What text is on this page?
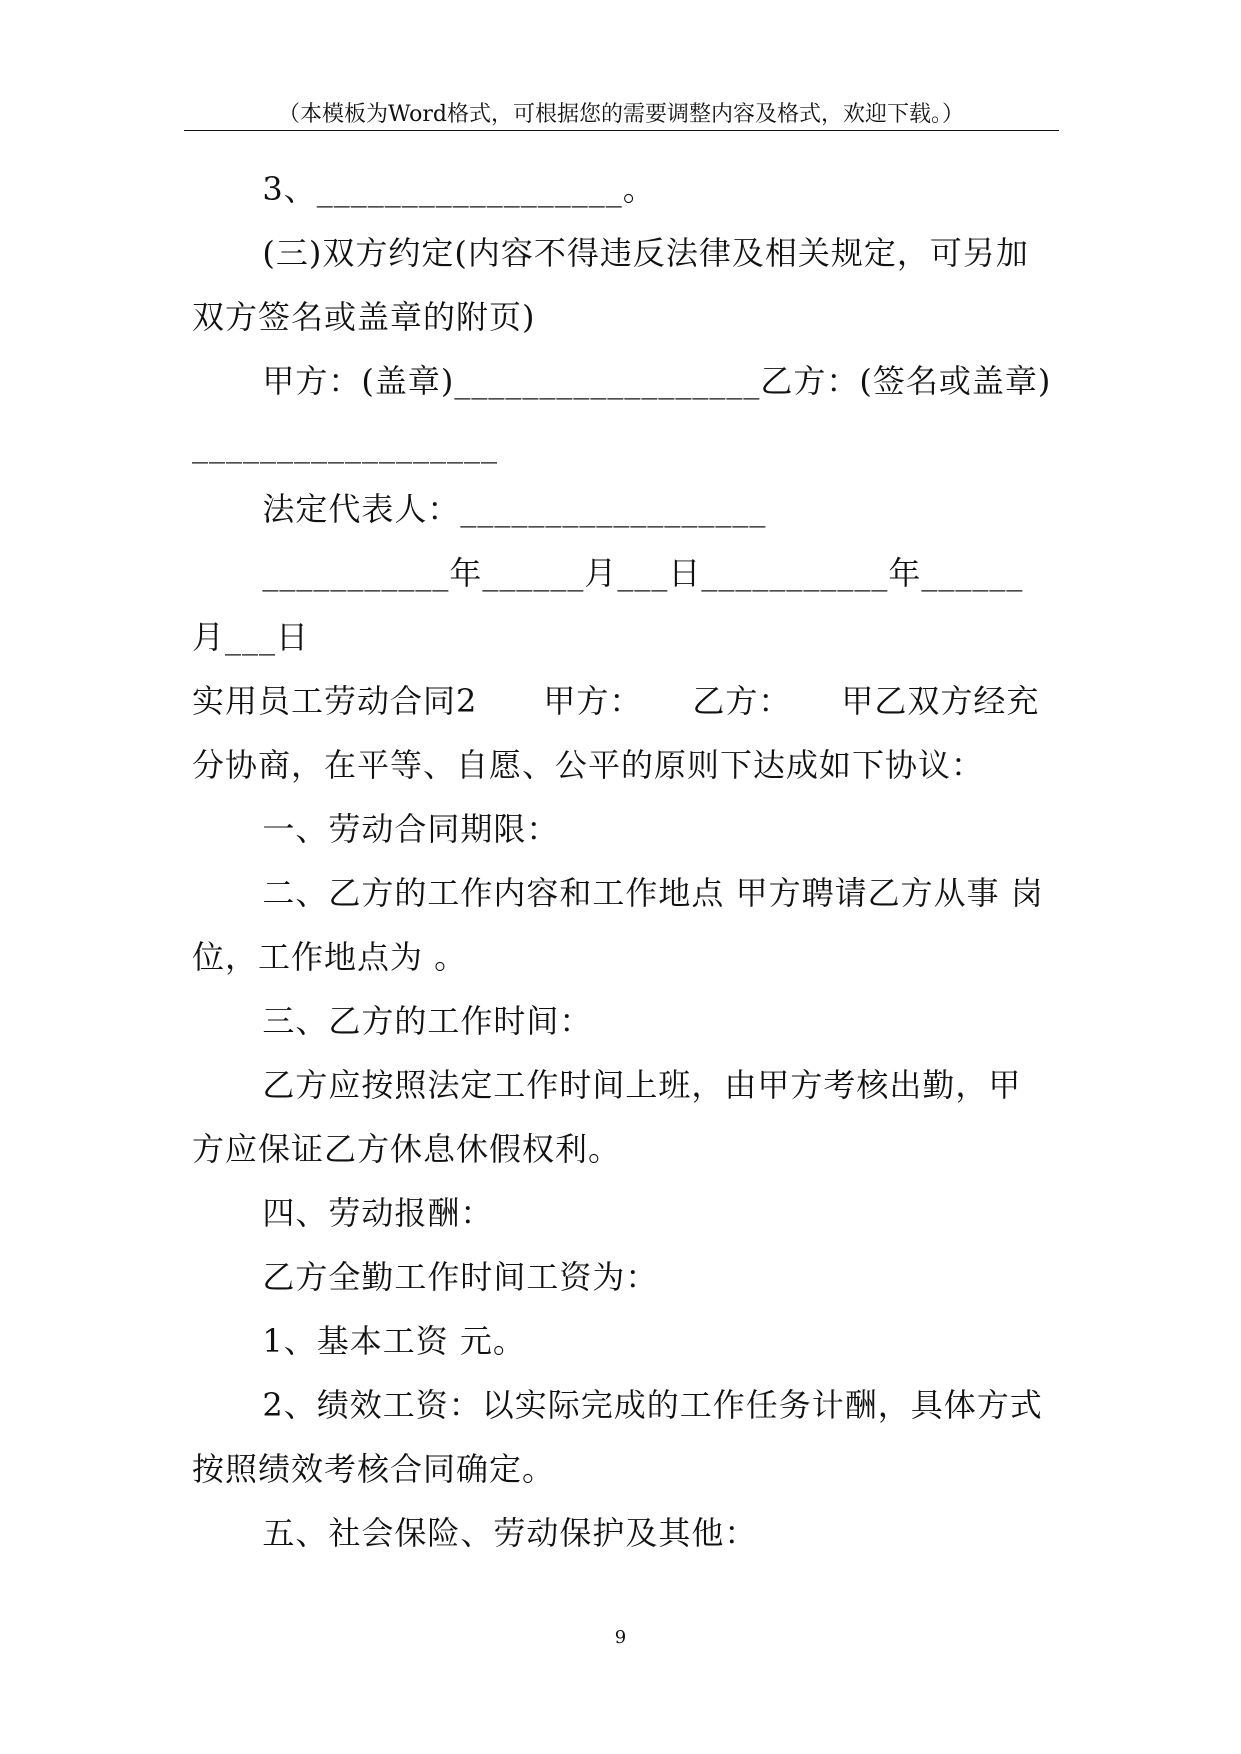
（本模板为Word格式，可根据您的需要调整内容及格式，欢迎下载。）

3、__________________。

(三)双方约定(内容不得违反法律及相关规定，可另加双方签名或盖章的附页)

甲方：(盖章)__________________乙方：(签名或盖章)__________________

法定代表人：__________________

___________年______月___日___________年______月___日

实用员工劳动合同2　　甲方：　　乙方：　　甲乙双方经充分协商，在平等、自愿、公平的原则下达成如下协议：

一、劳动合同期限：

二、乙方的工作内容和工作地点 甲方聘请乙方从事 岗位，工作地点为 。

三、乙方的工作时间：

乙方应按照法定工作时间上班，由甲方考核出勤，甲方应保证乙方休息休假权利。

四、劳动报酬：

乙方全勤工作时间工资为：

1、基本工资 元。

2、绩效工资：以实际完成的工作任务计酬，具体方式按照绩效考核合同确定。

五、社会保险、劳动保护及其他：

9
